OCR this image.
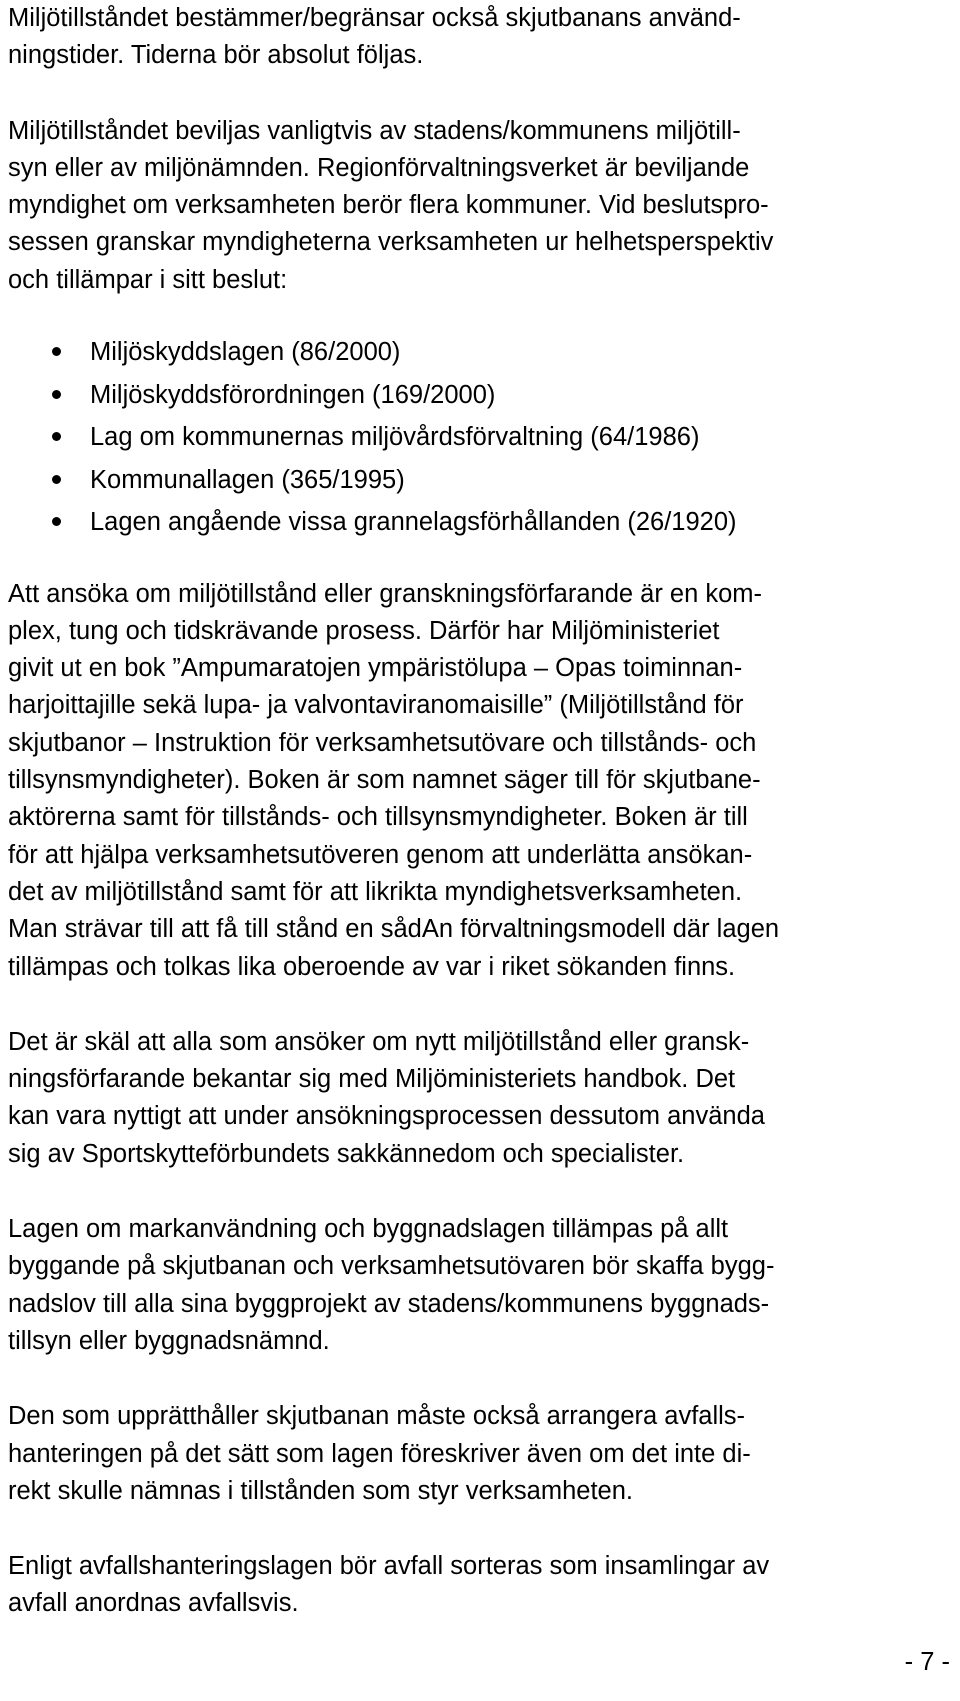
Miljötillståndet bestämmer/begränsar också skjutbanans använd-
ningstider. Tiderna bör absolut följas.
Miljötillståndet beviljas vanligtvis av stadens/kommunens miljötill-
syn eller av miljönämnden. Regionförvaltningsverket är beviljande
myndighet om verksamheten berör flera kommuner. Vid beslutspro-
sessen granskar myndigheterna verksamheten ur helhetsperspektiv
och tillämpar i sitt beslut:
Miljöskyddslagen (86/2000)
Miljöskyddsförordningen (169/2000)
Lag om kommunernas miljövårdsförvaltning (64/1986)
Kommunallagen (365/1995)
Lagen angående vissa grannelagsförhållanden (26/1920)
Att ansöka om miljötillstånd eller granskningsförfarande är en kom-
plex, tung och tidskrävande prosess. Därför har Miljöministeriet
givit ut en bok ”Ampumaratojen ympäristölupa – Opas toiminnan-
harjoittajille sekä lupa- ja valvontaviranomaisille” (Miljötillstånd för
skjutbanor – Instruktion för verksamhetsutövare och tillstånds- och
tillsynsmyndigheter). Boken är som namnet säger till för skjutbane-
aktörerna samt för tillstånds- och tillsynsmyndigheter. Boken är till
för att hjälpa verksamhetsutöveren genom att underlätta ansökan-
det av miljötillstånd samt för att likrikta myndighetsverksamheten.
Man strävar till att få till stånd en sådAn förvaltningsmodell där lagen
tillämpas och tolkas lika oberoende av var i riket sökanden finns.
Det är skäl att alla som ansöker om nytt miljötillstånd eller gransk-
ningsförfarande bekantar sig med Miljöministeriets handbok. Det
kan vara nyttigt att under ansökningsprocessen dessutom använda
sig av Sportskytteförbundets sakkännedom och specialister.
Lagen om markanvändning och byggnadslagen tillämpas på allt
byggande på skjutbanan och verksamhetsutövaren bör skaffa bygg-
nadslov till alla sina byggprojekt av stadens/kommunens byggnads-
tillsyn eller byggnadsnämnd.
Den som upprätthåller skjutbanan måste också arrangera avfalls-
hanteringen på det sätt som lagen föreskriver även om det inte di-
rekt skulle nämnas i tillstånden som styr verksamheten.
Enligt avfallshanteringslagen bör avfall sorteras som insamlingar av
avfall anordnas avfallsvis.
- 7 -
